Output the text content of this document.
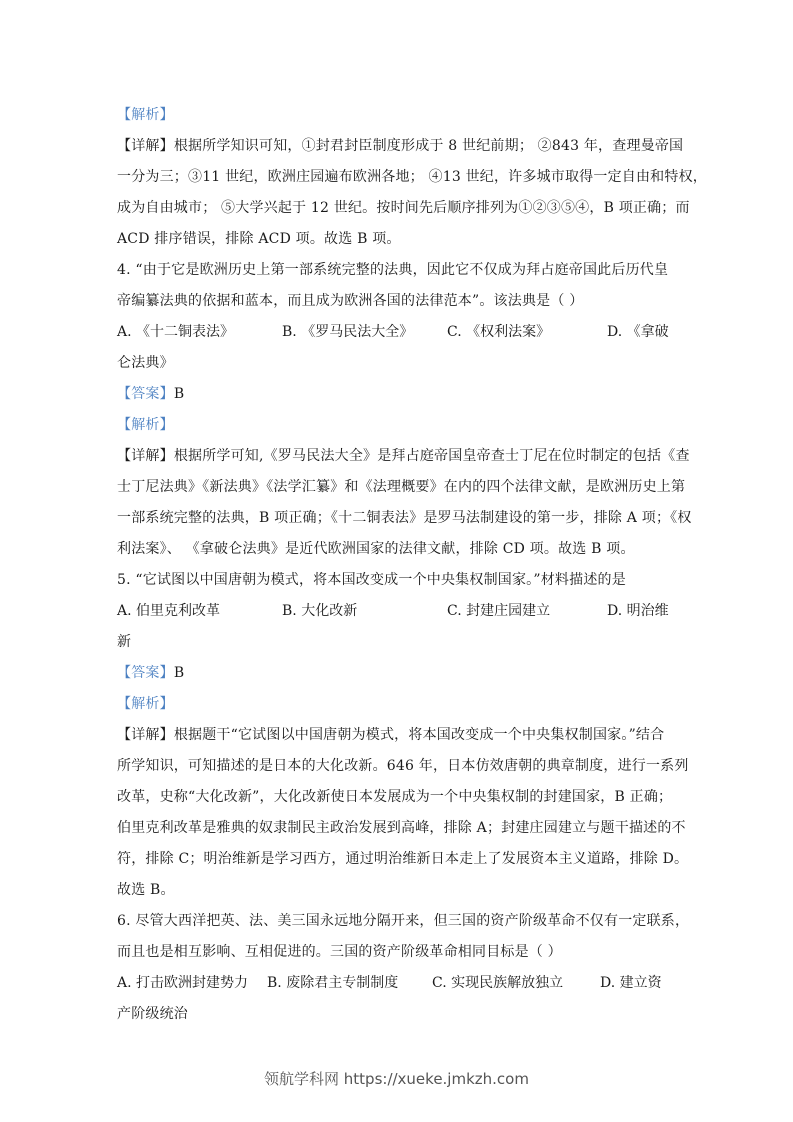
【解析】
【详解】根据所学知识可知，①封君封臣制度形成于 8 世纪前期； ②843 年，查理曼帝国
一分为三；③11 世纪，欧洲庄园遍布欧洲各地； ④13 世纪，许多城市取得一定自由和特权，
成为自由城市； ⑤大学兴起于 12 世纪。按时间先后顺序排列为①②③⑤④，B 项正确；而
ACD 排序错误，排除 ACD 项。故选 B 项。
4. “由于它是欧洲历史上第一部系统完整的法典，因此它不仅成为拜占庭帝国此后历代皇
帝编纂法典的依据和蓝本，而且成为欧洲各国的法律范本”。该法典是（ ）
A. 《十二铜表法》	B. 《罗马民法大全》	C. 《权利法案》	D. 《拿破
仑法典》
【答案】B
【解析】
【详解】根据所学可知,《罗马民法大全》是拜占庭帝国皇帝查士丁尼在位时制定的包括《查
士丁尼法典》《新法典》《法学汇纂》和《法理概要》在内的四个法律文献，是欧洲历史上第
一部系统完整的法典，B 项正确；《十二铜表法》是罗马法制建设的第一步，排除 A 项；《权
利法案》、 《拿破仑法典》是近代欧洲国家的法律文献，排除 CD 项。故选 B 项。
5. “它试图以中国唐朝为模式，将本国改变成一个中央集权制国家。”材料描述的是
A. 伯里克利改革	B. 大化改新	C. 封建庄园建立	D. 明治维
新
【答案】B
【解析】
【详解】根据题干“它试图以中国唐朝为模式，将本国改变成一个中央集权制国家。”结合
所学知识，可知描述的是日本的大化改新。646 年，日本仿效唐朝的典章制度，进行一系列
改革，史称“大化改新”，大化改新使日本发展成为一个中央集权制的封建国家，B 正确；
伯里克利改革是雅典的奴隶制民主政治发展到高峰，排除 A；封建庄园建立与题干描述的不
符，排除 C；明治维新是学习西方，通过明治维新日本走上了发展资本主义道路，排除 D。
故选 B。
6. 尽管大西洋把英、法、美三国永远地分隔开来，但三国的资产阶级革命不仅有一定联系，
而且也是相互影响、互相促进的。三国的资产阶级革命相同目标是（ ）
A. 打击欧洲封建势力	B. 废除君主专制制度	C. 实现民族解放独立	D. 建立资
产阶级统治
领航学科网 https://xueke.jmkzh.com
